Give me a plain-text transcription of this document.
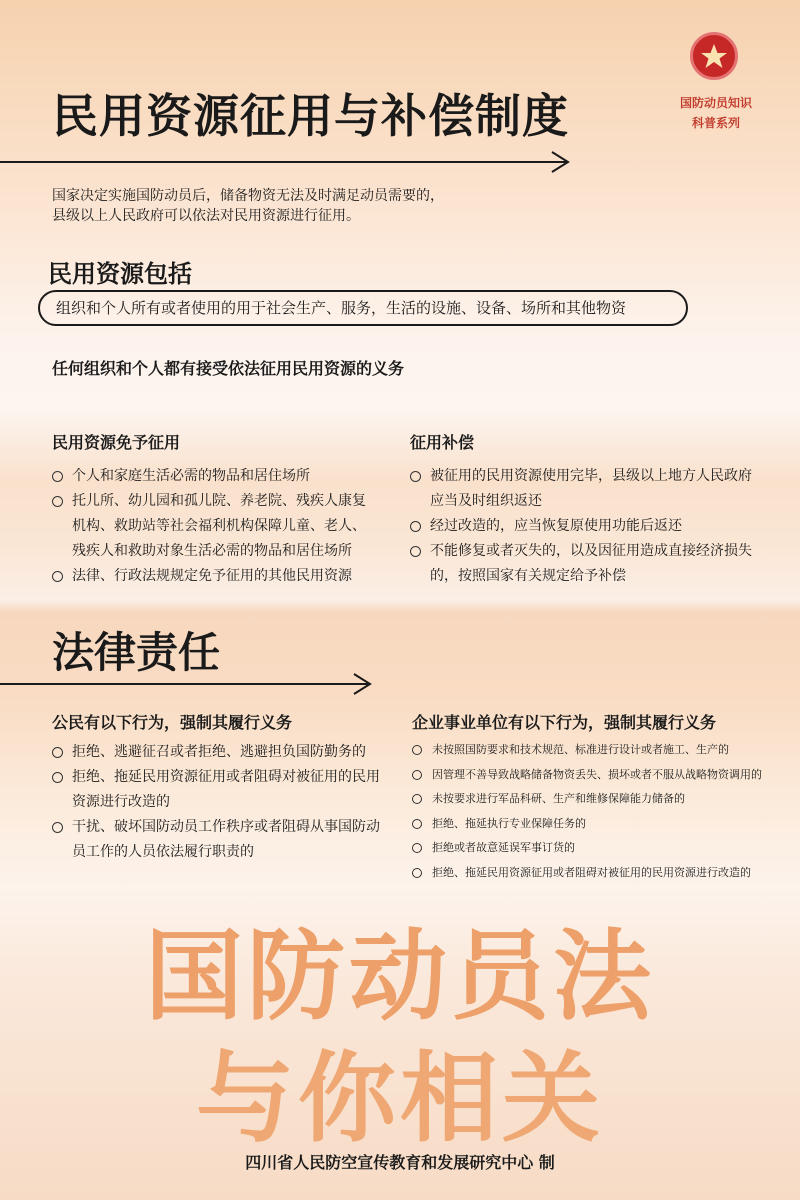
民用资源征用与补偿制度	国防动员知识
科普系列
国家决定实施国防动员后，储备物资无法及时满足动员需要的，
县级以上人民政府可以依法对民用资源进行征用。
民用资源包括
组织和个人所有或者使用的用于社会生产、服务，生活的设施、设备、场所和其他物资
任何组织和个人都有接受依法征用民用资源的义务
民用资源免予征用
个人和家庭生活必需的物品和居住场所
托儿所、幼儿园和孤儿院、养老院、残疾人康复机构、救助站等社会福利机构保障儿童、老人、残疾人和救助对象生活必需的物品和居住场所
法律、行政法规规定免予征用的其他民用资源
征用补偿
被征用的民用资源使用完毕，县级以上地方人民政府应当及时组织返还
经过改造的，应当恢复原使用功能后返还
不能修复或者灭失的，以及因征用造成直接经济损失的，按照国家有关规定给予补偿
法律责任
公民有以下行为，强制其履行义务
拒绝、逃避征召或者拒绝、逃避担负国防勤务的
拒绝、拖延民用资源征用或者阻碍对被征用的民用资源进行改造的
干扰、破坏国防动员工作秩序或者阻碍从事国防动员工作的人员依法履行职责的
企业事业单位有以下行为，强制其履行义务
未按照国防要求和技术规范、标准进行设计或者施工、生产的
因管理不善导致战略储备物资丢失、损坏或者不服从战略物资调用的
未按要求进行军品科研、生产和维修保障能力储备的
拒绝、拖延执行专业保障任务的
拒绝或者故意延误军事订货的
拒绝、拖延民用资源征用或者阻碍对被征用的民用资源进行改造的
国防动员法
与你相关
四川省人民防空宣传教育和发展研究中心 制
